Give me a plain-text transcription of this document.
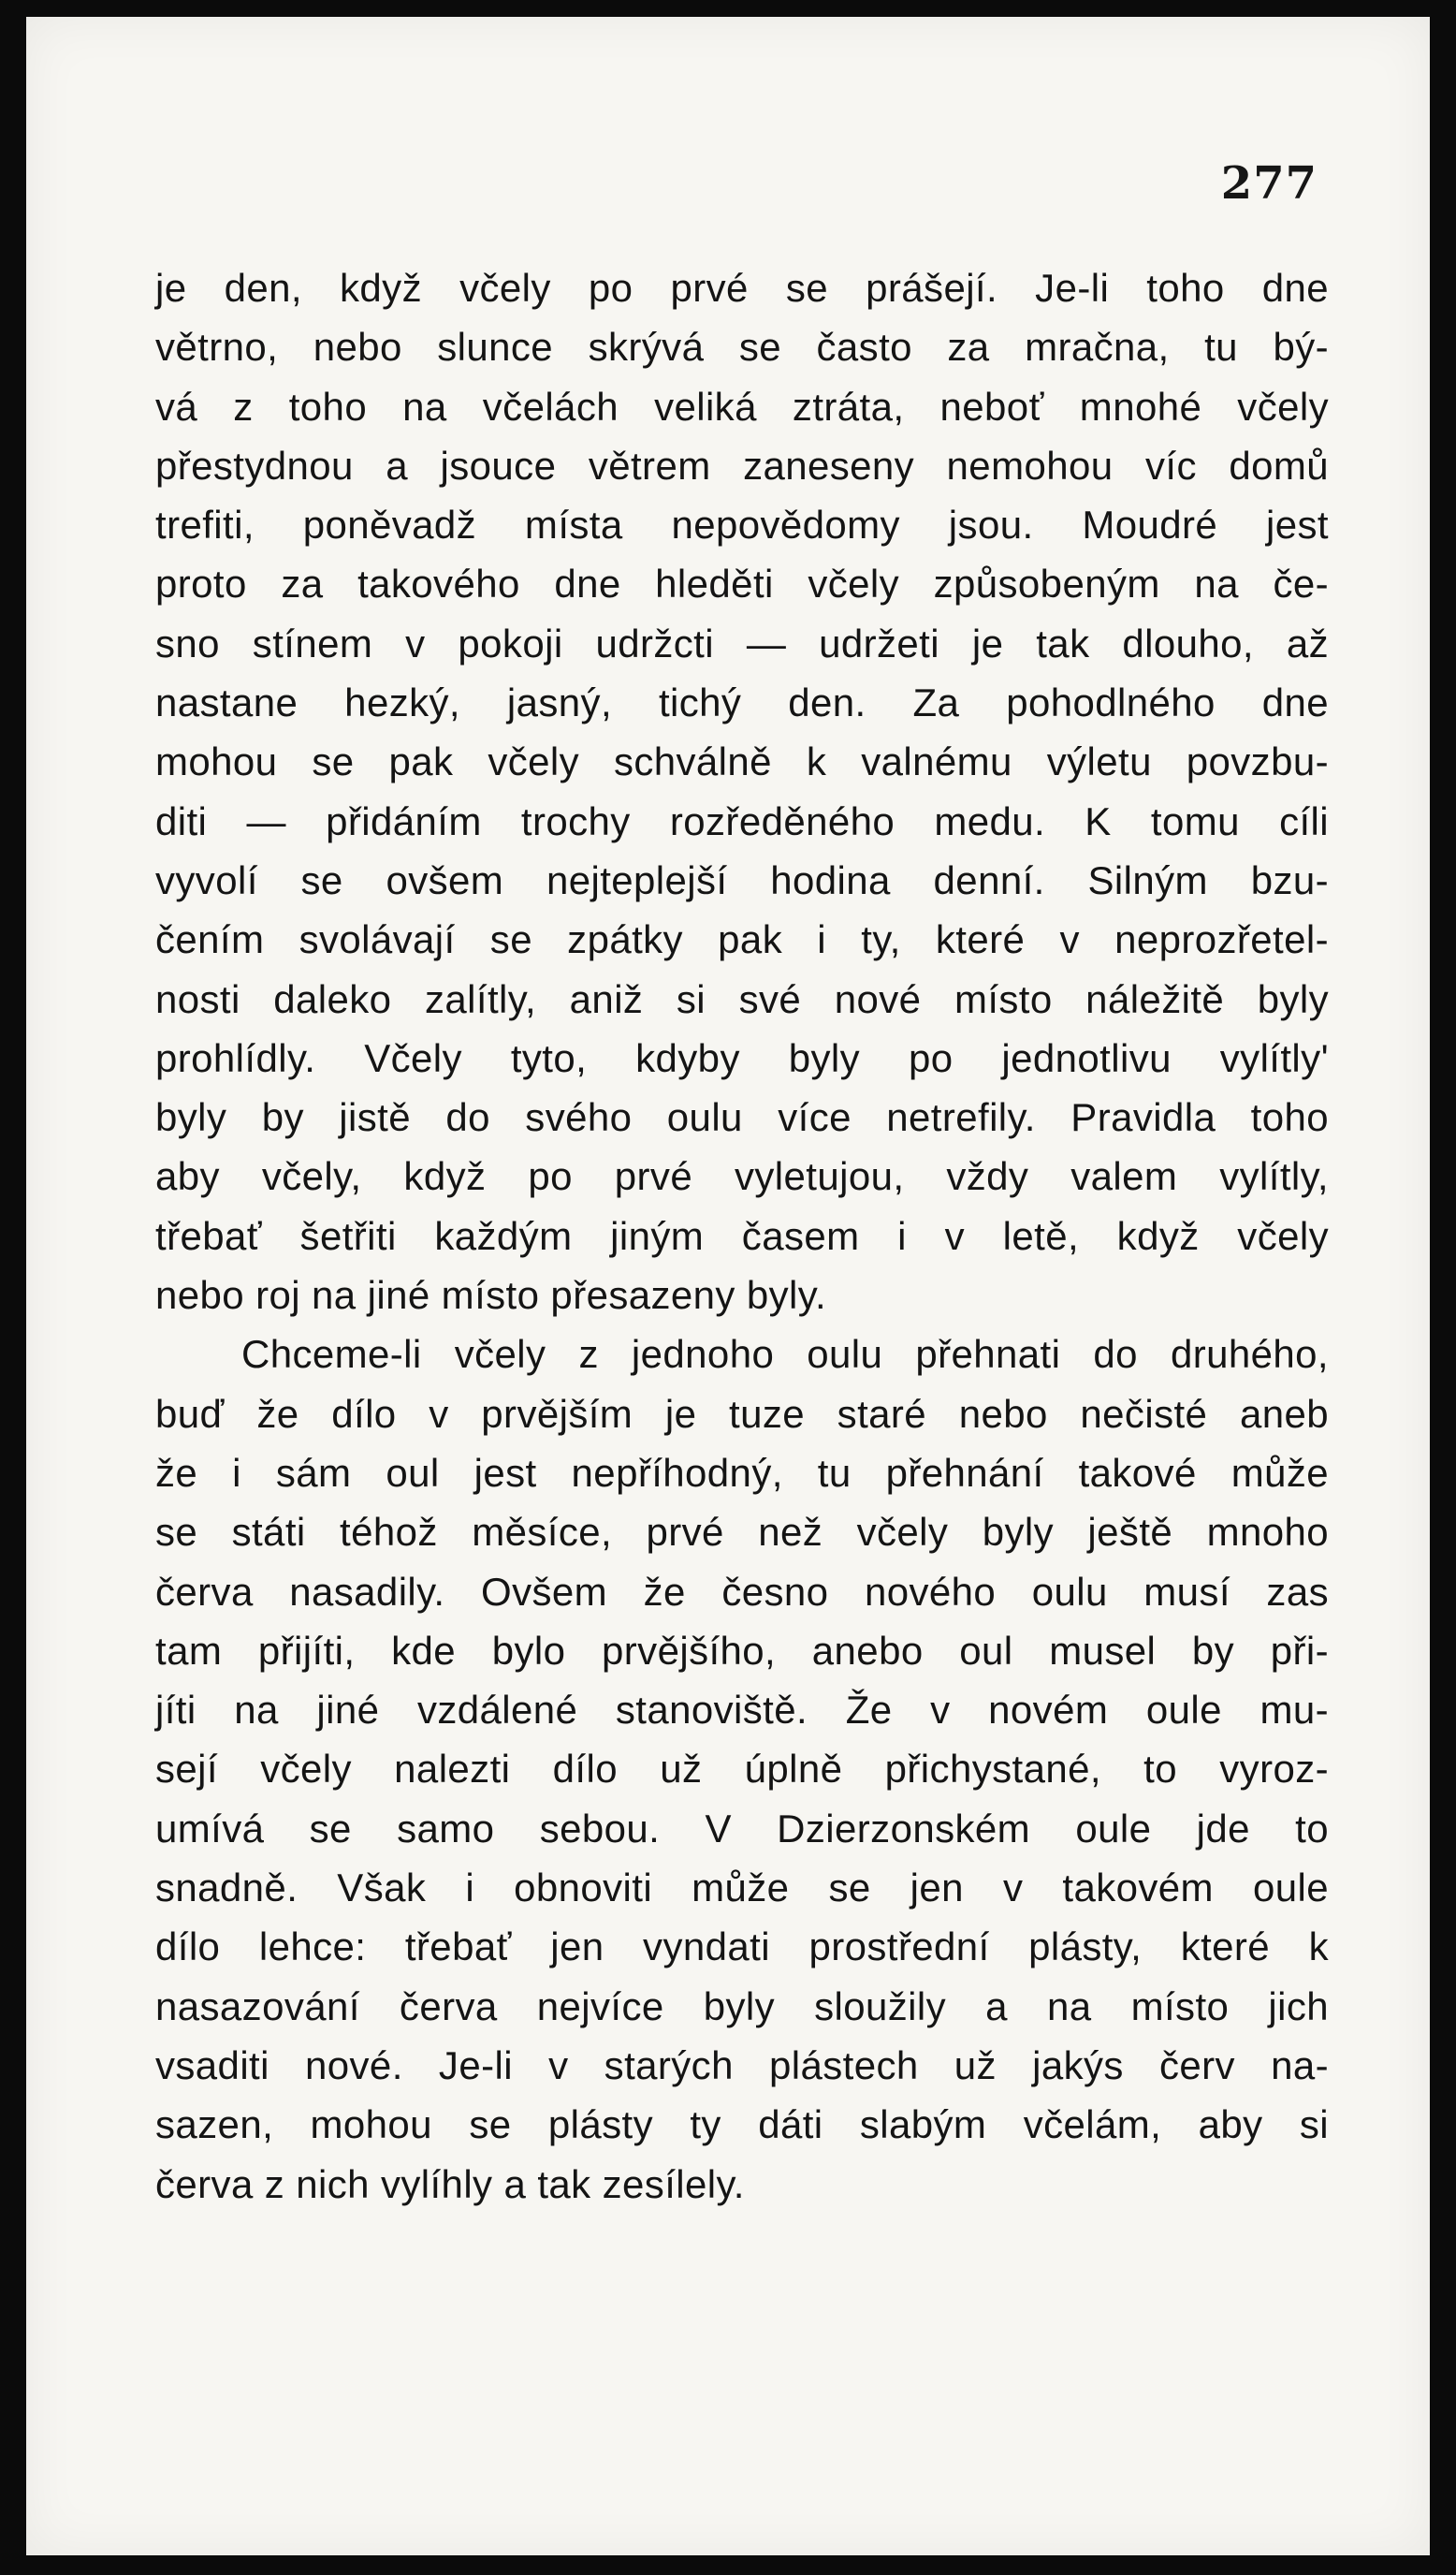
277
je den, když včely po prvé se prášejí. Je-li toho dne
větrno, nebo slunce skrývá se často za mračna, tu bý-
vá z toho na včelách veliká ztráta, neboť mnohé včely
přestydnou a jsouce větrem zaneseny nemohou víc domů
trefiti, poněvadž místa nepovědomy jsou. Moudré jest
proto za takového dne hleděti včely způsobeným na če-
sno stínem v pokoji udržcti — udržeti je tak dlouho, až
nastane hezký, jasný, tichý den. Za pohodlného dne
mohou se pak včely schválně k valnému výletu povzbu-
diti — přidáním trochy rozředěného medu. K tomu cíli
vyvolí se ovšem nejteplejší hodina denní. Silným bzu-
čením svolávají se zpátky pak i ty, které v neprozřetel-
nosti daleko zalítly, aniž si své nové místo náležitě byly
prohlídly. Včely tyto, kdyby byly po jednotlivu vylítly'
byly by jistě do svého oulu více netrefily. Pravidla toho
aby včely, když po prvé vyletujou, vždy valem vylítly,
třebať šetřiti každým jiným časem i v letě, když včely
nebo roj na jiné místo přesazeny byly.
Chceme-li včely z jednoho oulu přehnati do druhého,
buď že dílo v prvějším je tuze staré nebo nečisté aneb
že i sám oul jest nepříhodný, tu přehnání takové může
se státi téhož měsíce, prvé než včely byly ještě mnoho
červa nasadily. Ovšem že česno nového oulu musí zas
tam přijíti, kde bylo prvějšího, anebo oul musel by při-
jíti na jiné vzdálené stanoviště. Že v novém oule mu-
sejí včely nalezti dílo už úplně přichystané, to vyroz-
umívá se samo sebou. V Dzierzonském oule jde to
snadně. Však i obnoviti může se jen v takovém oule
dílo lehce: třebať jen vyndati prostřední plásty, které k
nasazování červa nejvíce byly sloužily a na místo jich
vsaditi nové. Je-li v starých plástech už jakýs červ na-
sazen, mohou se plásty ty dáti slabým včelám, aby si
červa z nich vylíhly a tak zesílely.
